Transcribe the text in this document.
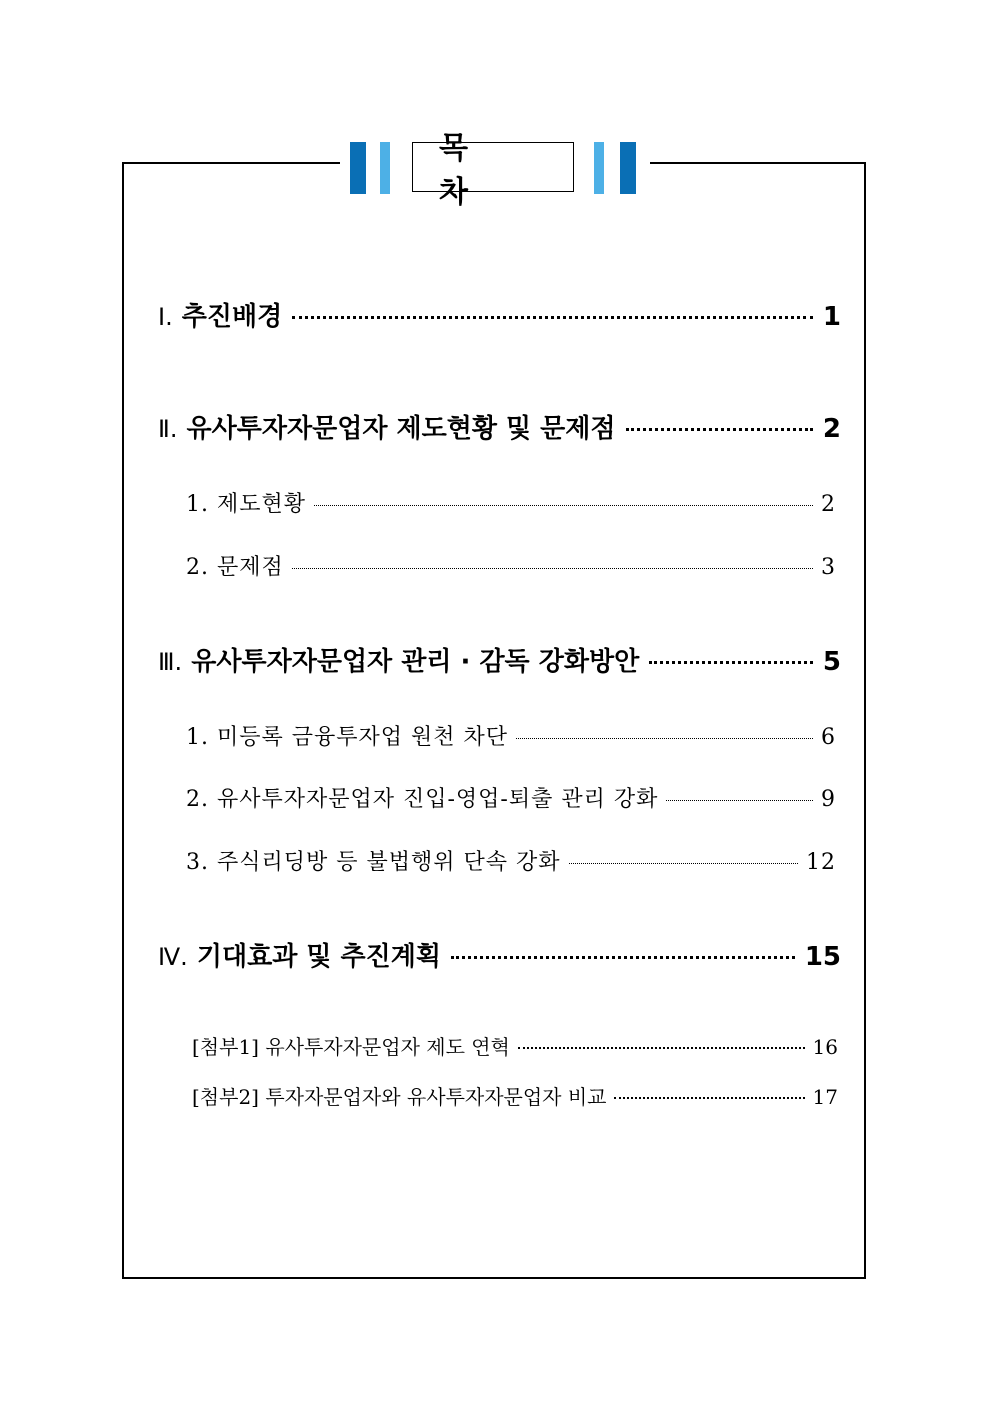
목 차
Ⅰ. 추진배경	1
Ⅱ. 유사투자자문업자 제도현황 및 문제점	2
1. 제도현황	2
2. 문제점	3
Ⅲ. 유사투자자문업자 관리 · 감독 강화방안	5
1. 미등록 금융투자업 원천 차단	6
2. 유사투자자문업자 진입-영업-퇴출 관리 강화	9
3. 주식리딩방 등 불법행위 단속 강화	12
Ⅳ. 기대효과 및 추진계획	15
[첨부1] 유사투자자문업자 제도 연혁	16
[첨부2] 투자자문업자와 유사투자자문업자 비교	17
